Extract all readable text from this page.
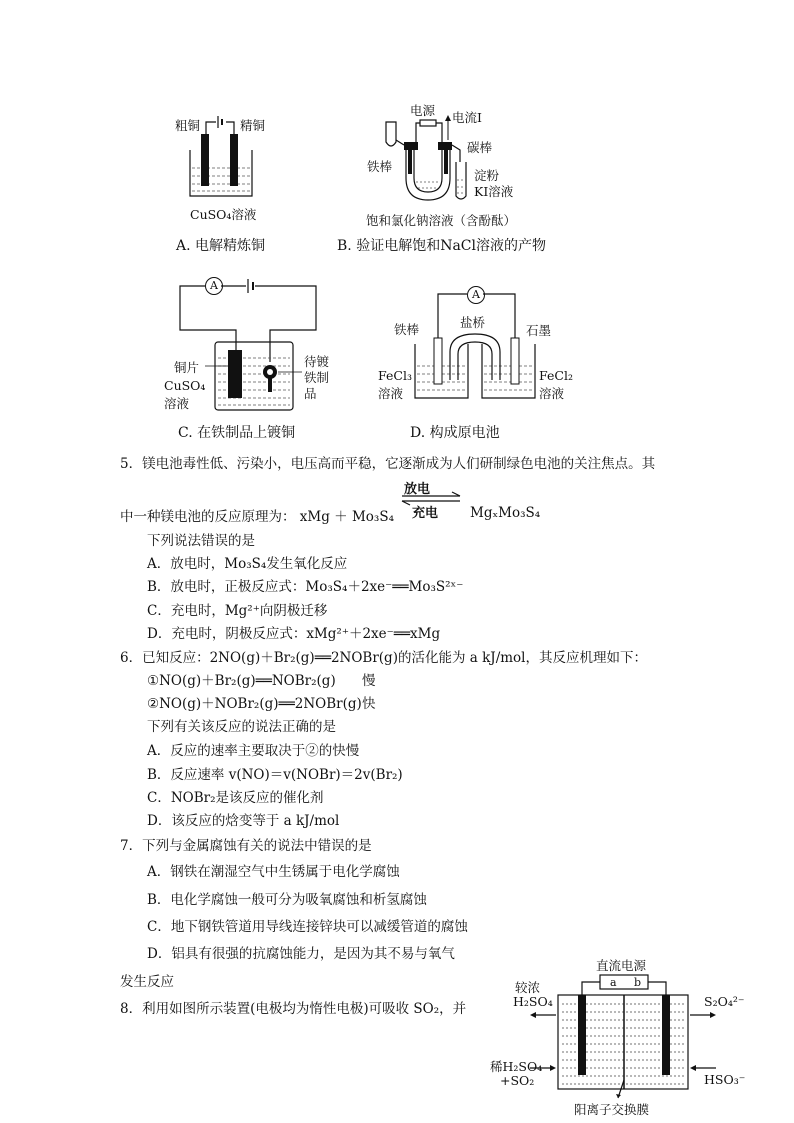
粗铜	精铜
CuSO₄溶液
A. 电解精炼铜
电源 电流I
碳棒
铁棒
淀粉
KI溶液
饱和氯化钠溶液（含酚酞）
B. 验证电解饱和NaCl溶液的产物
A
铜片
CuSO₄
溶液
待镀
铁制
品
C. 在铁制品上镀铜
A
铁棒	盐桥
石墨
FeCl₃
溶液
FeCl₂
溶液
D. 构成原电池
5．镁电池毒性低、污染小，电压高而平稳，它逐渐成为人们研制绿色电池的关注焦点。其
中一种镁电池的反应原理为： xMg ＋ Mo₃S₄
放电
充电 MgₓMo₃S₄
下列说法错误的是
A．放电时，Mo₃S₄发生氧化反应
B．放电时，正极反应式：Mo₃S₄＋2xe⁻══Mo₃S²ˣ⁻
C．充电时，Mg²⁺向阴极迁移
D．充电时，阴极反应式：xMg²⁺＋2xe⁻══xMg
6．已知反应：2NO(g)＋Br₂(g)══2NOBr(g)的活化能为 a kJ/mol，其反应机理如下：
①NO(g)＋Br₂(g)══NOBr₂(g) 慢
②NO(g)＋NOBr₂(g)══2NOBr(g) 快
下列有关该反应的说法正确的是
A．反应的速率主要取决于②的快慢
B．反应速率 v(NO)＝v(NOBr)＝2v(Br₂)
C．NOBr₂是该反应的催化剂
D．该反应的焓变等于 a kJ/mol
7．下列与金属腐蚀有关的说法中错误的是
A．钢铁在潮湿空气中生锈属于电化学腐蚀
B．电化学腐蚀一般可分为吸氧腐蚀和析氢腐蚀
C．地下钢铁管道用导线连接锌块可以减缓管道的腐蚀
D．铝具有很强的抗腐蚀能力，是因为其不易与氧气
发生反应
8．利用如图所示装置(电极均为惰性电极)可吸收 SO₂，并
直流电源
a b
较浓
H₂SO₄	S₂O₄²⁻
稀H₂SO₄
+SO₂	HSO₃⁻
阳离子交换膜
